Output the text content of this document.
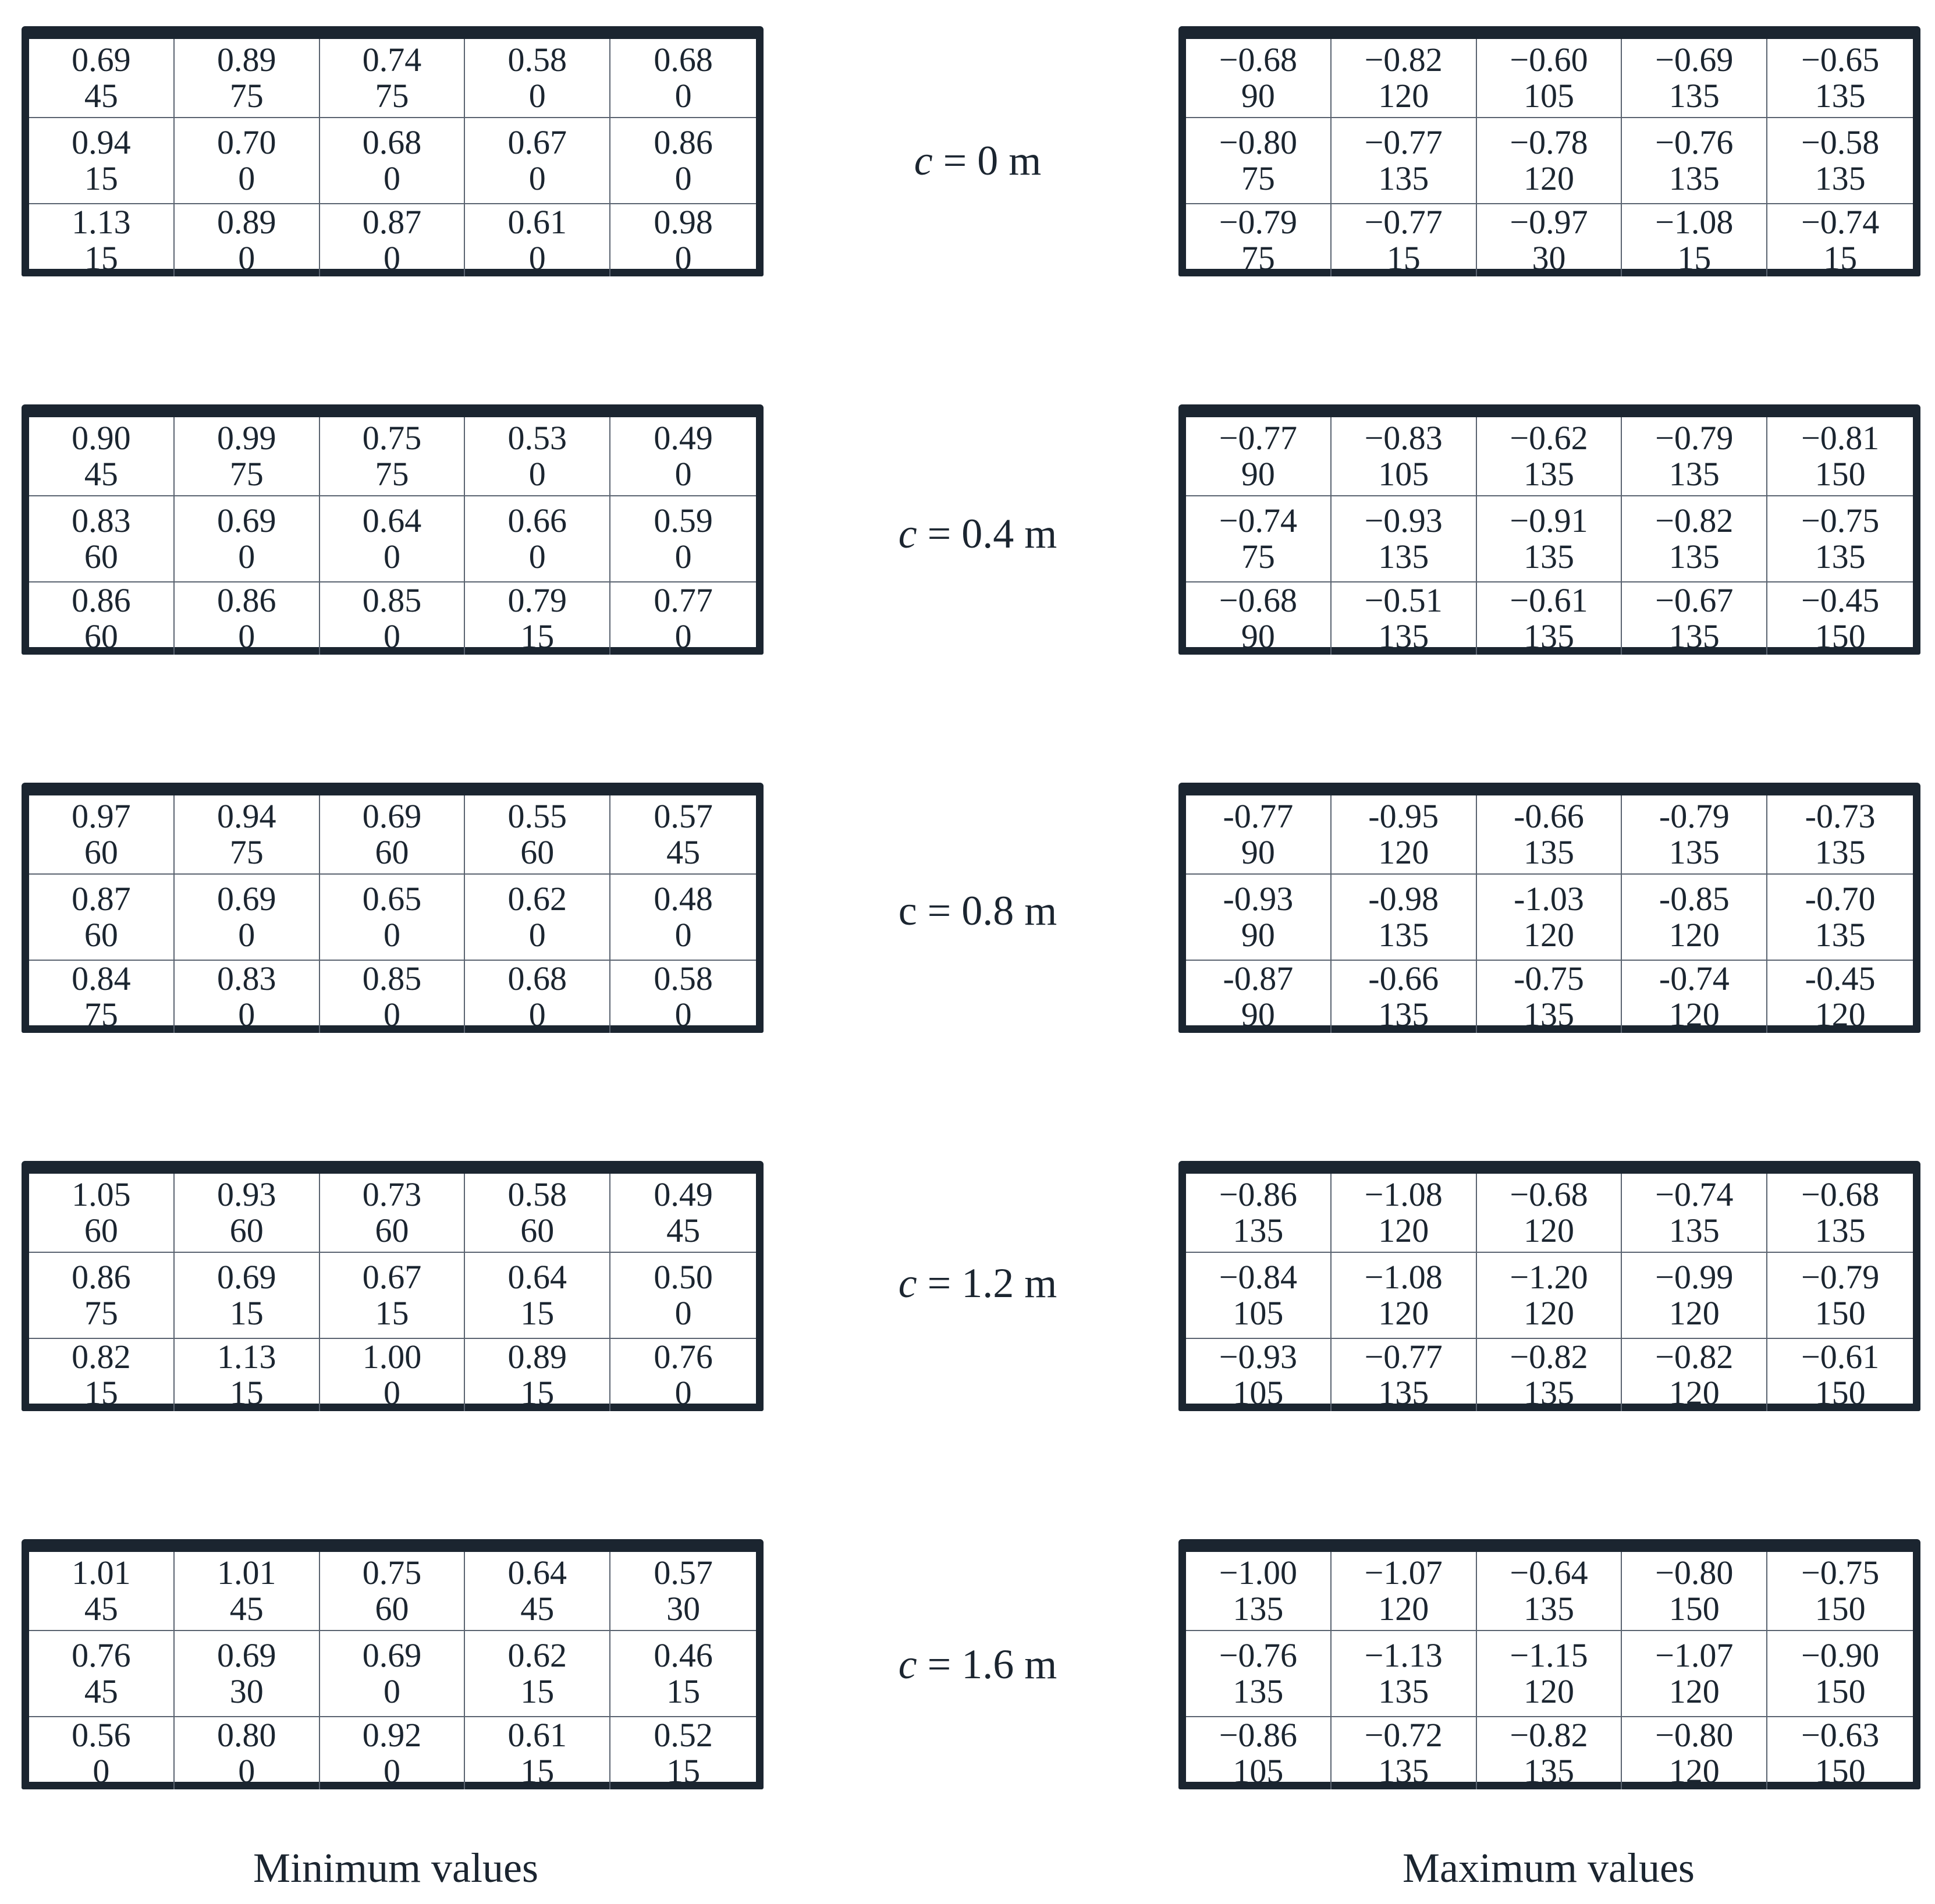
0.69
45
0.89
75
0.74
75
0.58
0
0.68
0
0.94
15
0.70
0
0.68
0
0.67
0
0.86
0
1.13
15
0.89
0
0.87
0
0.61
0
0.98
0
−0.68
90
−0.82
120
−0.60
105
−0.69
135
−0.65
135
−0.80
75
−0.77
135
−0.78
120
−0.76
135
−0.58
135
−0.79
75
−0.77
15
−0.97
30
−1.08
15
−0.74
15
c = 0 m
0.90
45
0.99
75
0.75
75
0.53
0
0.49
0
0.83
60
0.69
0
0.64
0
0.66
0
0.59
0
0.86
60
0.86
0
0.85
0
0.79
15
0.77
0
−0.77
90
−0.83
105
−0.62
135
−0.79
135
−0.81
150
−0.74
75
−0.93
135
−0.91
135
−0.82
135
−0.75
135
−0.68
90
−0.51
135
−0.61
135
−0.67
135
−0.45
150
c = 0.4 m
0.97
60
0.94
75
0.69
60
0.55
60
0.57
45
0.87
60
0.69
0
0.65
0
0.62
0
0.48
0
0.84
75
0.83
0
0.85
0
0.68
0
0.58
0
-0.77
90
-0.95
120
-0.66
135
-0.79
135
-0.73
135
-0.93
90
-0.98
135
-1.03
120
-0.85
120
-0.70
135
-0.87
90
-0.66
135
-0.75
135
-0.74
120
-0.45
120
c = 0.8 m
1.05
60
0.93
60
0.73
60
0.58
60
0.49
45
0.86
75
0.69
15
0.67
15
0.64
15
0.50
0
0.82
15
1.13
15
1.00
0
0.89
15
0.76
0
−0.86
135
−1.08
120
−0.68
120
−0.74
135
−0.68
135
−0.84
105
−1.08
120
−1.20
120
−0.99
120
−0.79
150
−0.93
105
−0.77
135
−0.82
135
−0.82
120
−0.61
150
c = 1.2 m
1.01
45
1.01
45
0.75
60
0.64
45
0.57
30
0.76
45
0.69
30
0.69
0
0.62
15
0.46
15
0.56
0
0.80
0
0.92
0
0.61
15
0.52
15
−1.00
135
−1.07
120
−0.64
135
−0.80
150
−0.75
150
−0.76
135
−1.13
135
−1.15
120
−1.07
120
−0.90
150
−0.86
105
−0.72
135
−0.82
135
−0.80
120
−0.63
150
c = 1.6 m
Minimum values	Maximum values
